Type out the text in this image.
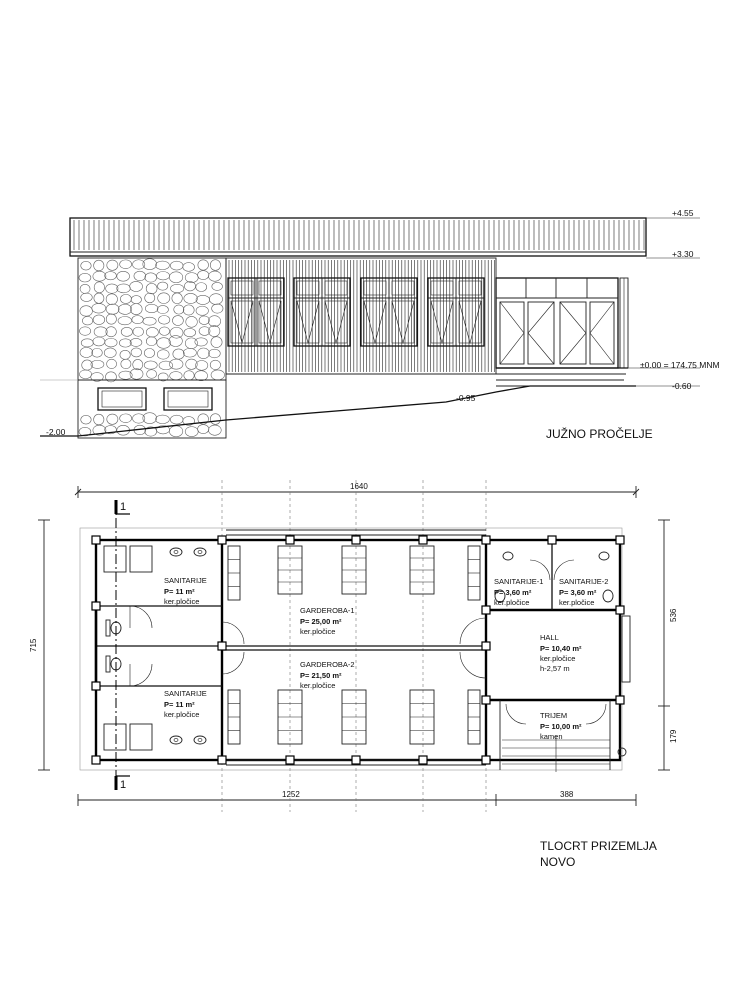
+4.55
+3.30
±0.00 = 174.75 MNM
-0.60
-0.95
-2.00	JUŽNO PROČELJE
1640
1252	388
715
536
179
1
1
SANITARIJE
P= 11 m²
ker.pločice
SANITARIJE
P= 11 m²
ker.pločice
GARDEROBA-1
P= 25,00 m²
ker.pločice
GARDEROBA-2
P= 21,50 m²
ker.pločice
SANITARIJE-1
P= 3,60 m²
ker.pločice
SANITARIJE-2
P= 3,60 m²
ker.pločice
HALL
P= 10,40 m²
ker.pločice
h-2,57 m
TRIJEM
P= 10,00 m²
kamen
TLOCRT PRIZEMLJA
NOVO
